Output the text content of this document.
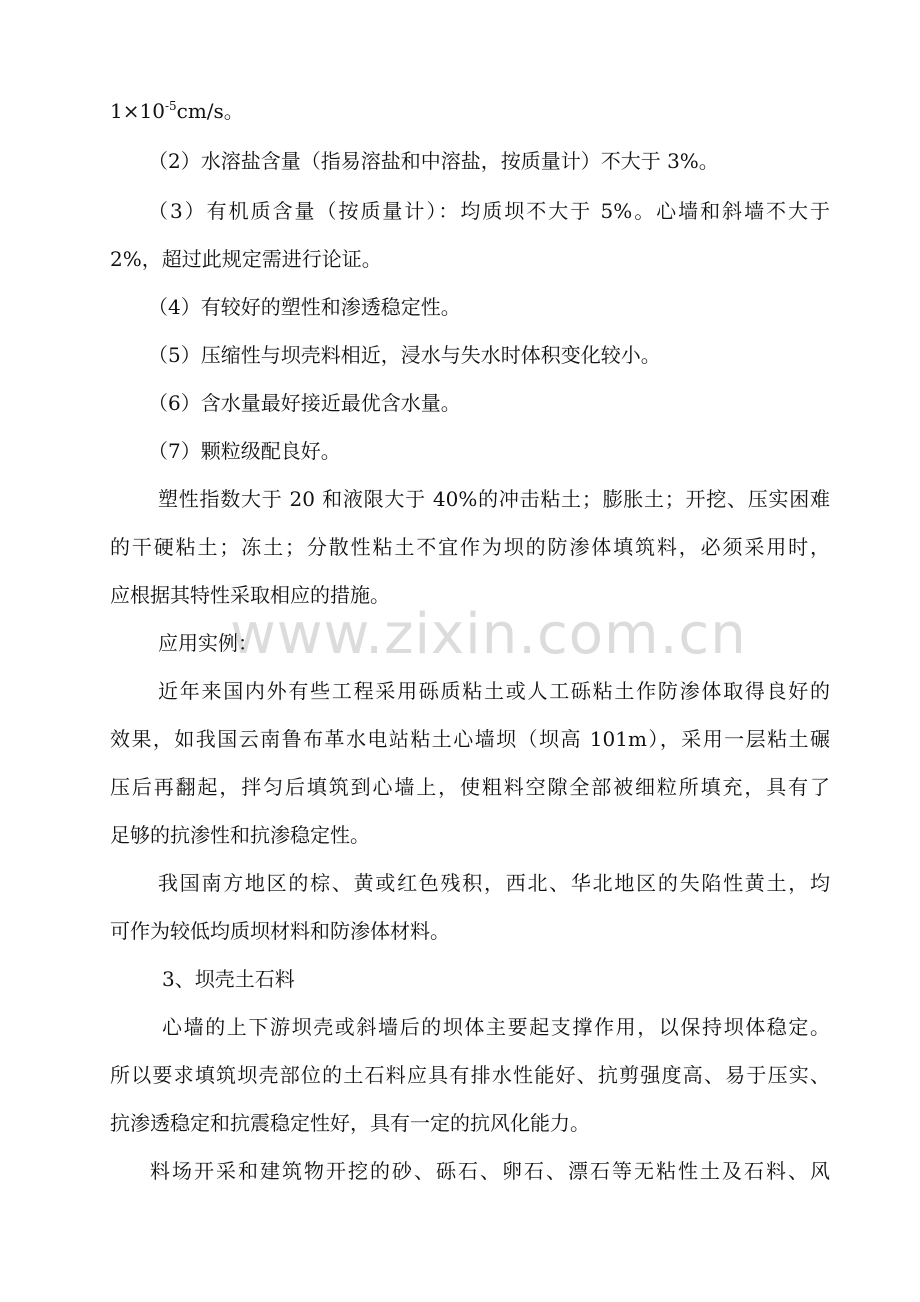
www.zixin.com.cn
$1\times 10^{-5}cm/s$。
（2）水溶盐含量（指易溶盐和中溶盐，按质量计）不大于 3%。
（3）有机质含量（按质量计）：均质坝不大于 5%。心墙和斜墙不大于
2%，超过此规定需进行论证。
（4）有较好的塑性和渗透稳定性。
（5）压缩性与坝壳料相近，浸水与失水时体积变化较小。
（6）含水量最好接近最优含水量。
（7）颗粒级配良好。
塑性指数大于 20 和液限大于 40%的冲击粘土；膨胀土；开挖、压实困难
的干硬粘土；冻土；分散性粘土不宜作为坝的防渗体填筑料，必须采用时，
应根据其特性采取相应的措施。
应用实例：
近年来国内外有些工程采用砾质粘土或人工砾粘土作防渗体取得良好的
效果，如我国云南鲁布革水电站粘土心墙坝（坝高 101m），采用一层粘土碾
压后再翻起，拌匀后填筑到心墙上，使粗料空隙全部被细粒所填充，具有了
足够的抗渗性和抗渗稳定性。
我国南方地区的棕、黄或红色残积，西北、华北地区的失陷性黄土，均
可作为较低均质坝材料和防渗体材料。
3、坝壳土石料
心墙的上下游坝壳或斜墙后的坝体主要起支撑作用，以保持坝体稳定。
所以要求填筑坝壳部位的土石料应具有排水性能好、抗剪强度高、易于压实、
抗渗透稳定和抗震稳定性好，具有一定的抗风化能力。
料场开采和建筑物开挖的砂、砾石、卵石、漂石等无粘性土及石料、风
